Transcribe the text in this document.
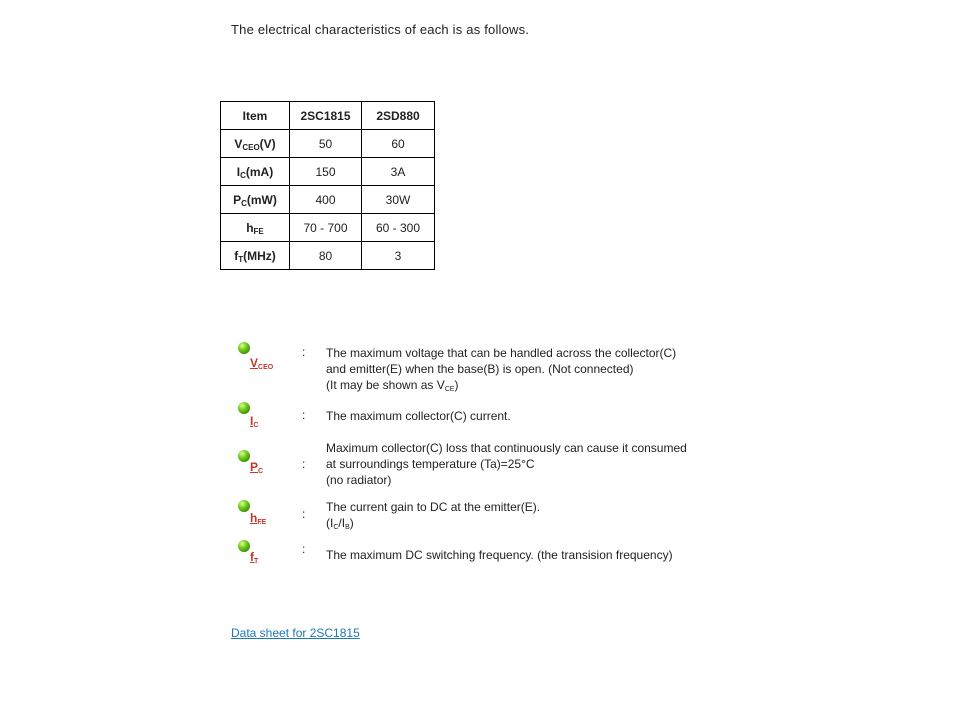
The electrical characteristics of each is as follows.
Item	2SC1815	2SD880
$V_{CEO}(V)$	50	60
$I_C(mA)$	150	3A
$P_C(mW)$	400	30W
$h_{FE}$	70 - 700	60 - 300
$f_T(MHz)$	80	3
$V_{CEO}$
: The maximum voltage that can be handled across the collector(C)
and emitter(E) when the base(B) is open. (Not connected)
(It may be shown as $V_{CE}$)
$I_C$
: The maximum collector(C) current.
$P_C$
:
Maximum collector(C) loss that continuously can cause it consumed
at surroundings temperature (Ta)=25°C
(no radiator)
$h_{FE}$
: The current gain to DC at the emitter(E).
$(I_C/I_B)$
$f_T$
: The maximum DC switching frequency. (the transision frequency)
Data sheet for 2SC1815
